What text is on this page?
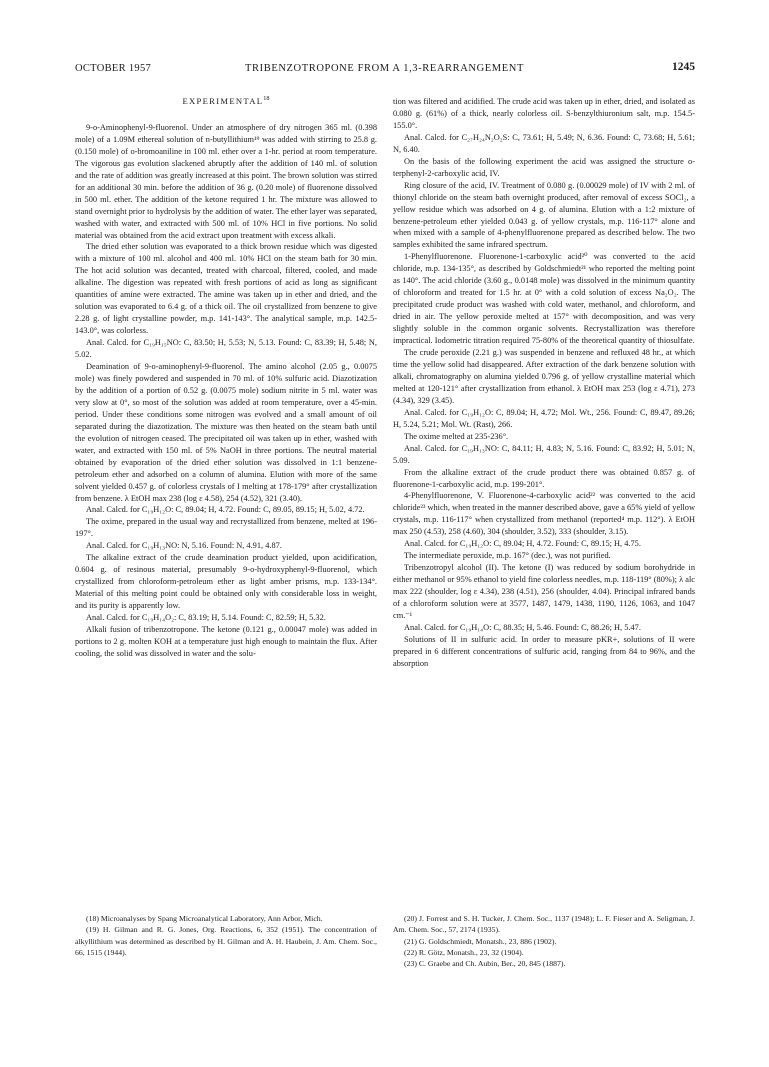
OCTOBER 1957	TRIBENZOTROPONE FROM A 1,3-REARRANGEMENT	1245
EXPERIMENTAL$^{18}$

9-o-Aminophenyl-9-fluorenol. Under an atmosphere of dry nitrogen 365 ml. (0.398 mole) of a 1.09M ethereal solution of n-butyllithium¹⁹ was added with stirring to 25.8 g. (0.150 mole) of o-bromoaniline in 100 ml. ether over a 1-hr. period at room temperature. The vigorous gas evolution slackened abruptly after the addition of 140 ml. of solution and the rate of addition was greatly increased at this point. The brown solution was stirred for an additional 30 min. before the addition of 36 g. (0.20 mole) of fluorenone dissolved in 500 ml. ether. The addition of the ketone required 1 hr. The mixture was allowed to stand overnight prior to hydrolysis by the addition of water. The ether layer was separated, washed with water, and extracted with 500 ml. of 10% HCl in five portions. No solid material was obtained from the acid extract upon treatment with excess alkali.

The dried ether solution was evaporated to a thick brown residue which was digested with a mixture of 100 ml. alcohol and 400 ml. 10% HCl on the steam bath for 30 min. The hot acid solution was decanted, treated with charcoal, filtered, cooled, and made alkaline. The digestion was repeated with fresh portions of acid as long as significant quantities of amine were extracted. The amine was taken up in ether and dried, and the solution was evaporated to 6.4 g. of a thick oil. The oil crystallized from benzene to give 2.28 g. of light crystalline powder, m.p. 141-143°. The analytical sample, m.p. 142.5-143.0°, was colorless.

Anal. Calcd. for C₁₉H₁₅NO: C, 83.50; H, 5.53; N, 5.13. Found: C, 83.39; H, 5.48; N, 5.02.

Deamination of 9-o-aminophenyl-9-fluorenol. The amino alcohol (2.05 g., 0.0075 mole) was finely powdered and suspended in 70 ml. of 10% sulfuric acid. Diazotization by the addition of a portion of 0.52 g. (0.0075 mole) sodium nitrite in 5 ml. water was very slow at 0°, so most of the solution was added at room temperature, over a 45-min. period. Under these conditions some nitrogen was evolved and a small amount of oil separated during the diazotization. The mixture was then heated on the steam bath until the evolution of nitrogen ceased. The precipitated oil was taken up in ether, washed with water, and extracted with 150 ml. of 5% NaOH in three portions. The neutral material obtained by evaporation of the dried ether solution was dissolved in 1:1 benzene-petroleum ether and adsorbed on a column of alumina. Elution with more of the same solvent yielded 0.457 g. of colorless crystals of I melting at 178-179° after crystallization from benzene. λ EtOH max 238 (log ε 4.58), 254 (4.52), 321 (3.40).

Anal. Calcd. for C₁₉H₁₂O: C, 89.04; H, 4.72. Found: C, 89.05, 89.15; H, 5.02, 4.72.

The oxime, prepared in the usual way and recrystallized from benzene, melted at 196-197°.

Anal. Calcd. for C₁₉H₁₃NO: N, 5.16. Found: N, 4.91, 4.87.

The alkaline extract of the crude deamination product yielded, upon acidification, 0.604 g. of resinous material, presumably 9-o-hydroxyphenyl-9-fluorenol, which crystallized from chloroform-petroleum ether as light amber prisms, m.p. 133-134°. Material of this melting point could be obtained only with considerable loss in weight, and its purity is apparently low.

Anal. Calcd. for C₁₉H₁₄O₂: C, 83.19; H, 5.14. Found: C, 82.59; H, 5.32.

Alkali fusion of tribenzotropone. The ketone (0.121 g., 0.00047 mole) was added in portions to 2 g. molten KOH at a temperature just high enough to maintain the flux. After cooling, the solid was dissolved in water and the solu-

tion was filtered and acidified. The crude acid was taken up in ether, dried, and isolated as 0.080 g. (61%) of a thick, nearly colorless oil. S-benzylthiuronium salt, m.p. 154.5-155.0°.

Anal. Calcd. for C₂₇H₂₄N₂O₂S: C, 73.61; H, 5.49; N, 6.36. Found: C, 73.68; H, 5.61; N, 6.40.

On the basis of the following experiment the acid was assigned the structure o-terphenyl-2-carboxylic acid, IV.

Ring closure of the acid, IV. Treatment of 0.080 g. (0.00029 mole) of IV with 2 ml. of thionyl chloride on the steam bath overnight produced, after removal of excess SOCl₂, a yellow residue which was adsorbed on 4 g. of alumina. Elution with a 1:2 mixture of benzene-petroleum ether yielded 0.043 g. of yellow crystals, m.p. 116-117° alone and when mixed with a sample of 4-phenylfluorenone prepared as described below. The two samples exhibited the same infrared spectrum.

1-Phenylfluorenone. Fluorenone-1-carboxylic acid²⁰ was converted to the acid chloride, m.p. 134-135°, as described by Goldschmiedt²¹ who reported the melting point as 140°. The acid chloride (3.60 g., 0.0148 mole) was dissolved in the minimum quantity of chloroform and treated for 1.5 hr. at 0° with a cold solution of excess Na₂O₂. The precipitated crude product was washed with cold water, methanol, and chloroform, and dried in air. The yellow peroxide melted at 157° with decomposition, and was very slightly soluble in the common organic solvents. Recrystallization was therefore impractical. Iodometric titration required 75-80% of the theoretical quantity of thiosulfate.

The crude peroxide (2.21 g.) was suspended in benzene and refluxed 48 hr., at which time the yellow solid had disappeared. After extraction of the dark benzene solution with alkali, chromatography on alumina yielded 0.796 g. of yellow crystalline material which melted at 120-121° after crystallization from ethanol. λ EtOH max 253 (log ε 4.71), 273 (4.34), 329 (3.45).

Anal. Calcd. for C₁₉H₁₂O: C, 89.04; H, 4.72; Mol. Wt., 256. Found: C, 89.47, 89.26; H, 5.24, 5.21; Mol. Wt. (Rast), 266.

The oxime melted at 235-236°.

Anal. Calcd. for C₁₉H₁₃NO: C, 84.11; H, 4.83; N, 5.16. Found: C, 83.92; H, 5.01; N, 5.09.

From the alkaline extract of the crude product there was obtained 0.857 g. of fluorenone-1-carboxylic acid, m.p. 199-201°.

4-Phenylfluorenone, V. Fluorenone-4-carboxylic acid²² was converted to the acid chloride²³ which, when treated in the manner described above, gave a 65% yield of yellow crystals, m.p. 116-117° when crystallized from methanol (reported⁴ m.p. 112°). λ EtOH max 250 (4.53), 258 (4.60), 304 (shoulder, 3.52), 333 (shoulder, 3.15).

Anal. Calcd. for C₁₉H₁₂O: C, 89.04; H, 4.72. Found: C, 89.15; H, 4.75.

The intermediate peroxide, m.p. 167° (dec.), was not purified.

Tribenzotropyl alcohol (II). The ketone (I) was reduced by sodium borohydride in either methanol or 95% ethanol to yield fine colorless needles, m.p. 118-119° (80%); λ alc max 222 (shoulder, log ε 4.34), 238 (4.51), 256 (shoulder, 4.04). Principal infrared bands of a chloroform solution were at 3577, 1487, 1479, 1438, 1190, 1126, 1063, and 1047 cm.⁻¹

Anal. Calcd. for C₁₉H₁₄O: C, 88.35; H, 5.46. Found: C, 88.26; H, 5.47.

Solutions of II in sulfuric acid. In order to measure pKR+, solutions of II were prepared in 6 different concentrations of sulfuric acid, ranging from 84 to 96%, and the absorption

(18) Microanalyses by Spang Microanalytical Laboratory, Ann Arbor, Mich.

(19) H. Gilman and R. G. Jones, Org. Reactions, 6, 352 (1951). The concentration of alkyllithium was determined as described by H. Gilman and A. H. Haubein, J. Am. Chem. Soc., 66, 1515 (1944).

(20) J. Forrest and S. H. Tucker, J. Chem. Soc., 1137 (1948); L. F. Fieser and A. Seligman, J. Am. Chem. Soc., 57, 2174 (1935).

(21) G. Goldschmiedt, Monatsh., 23, 886 (1902).

(22) R. Götz, Monatsh., 23, 32 (1904).

(23) C. Graebe and Ch. Aubin, Ber., 20, 845 (1887).
